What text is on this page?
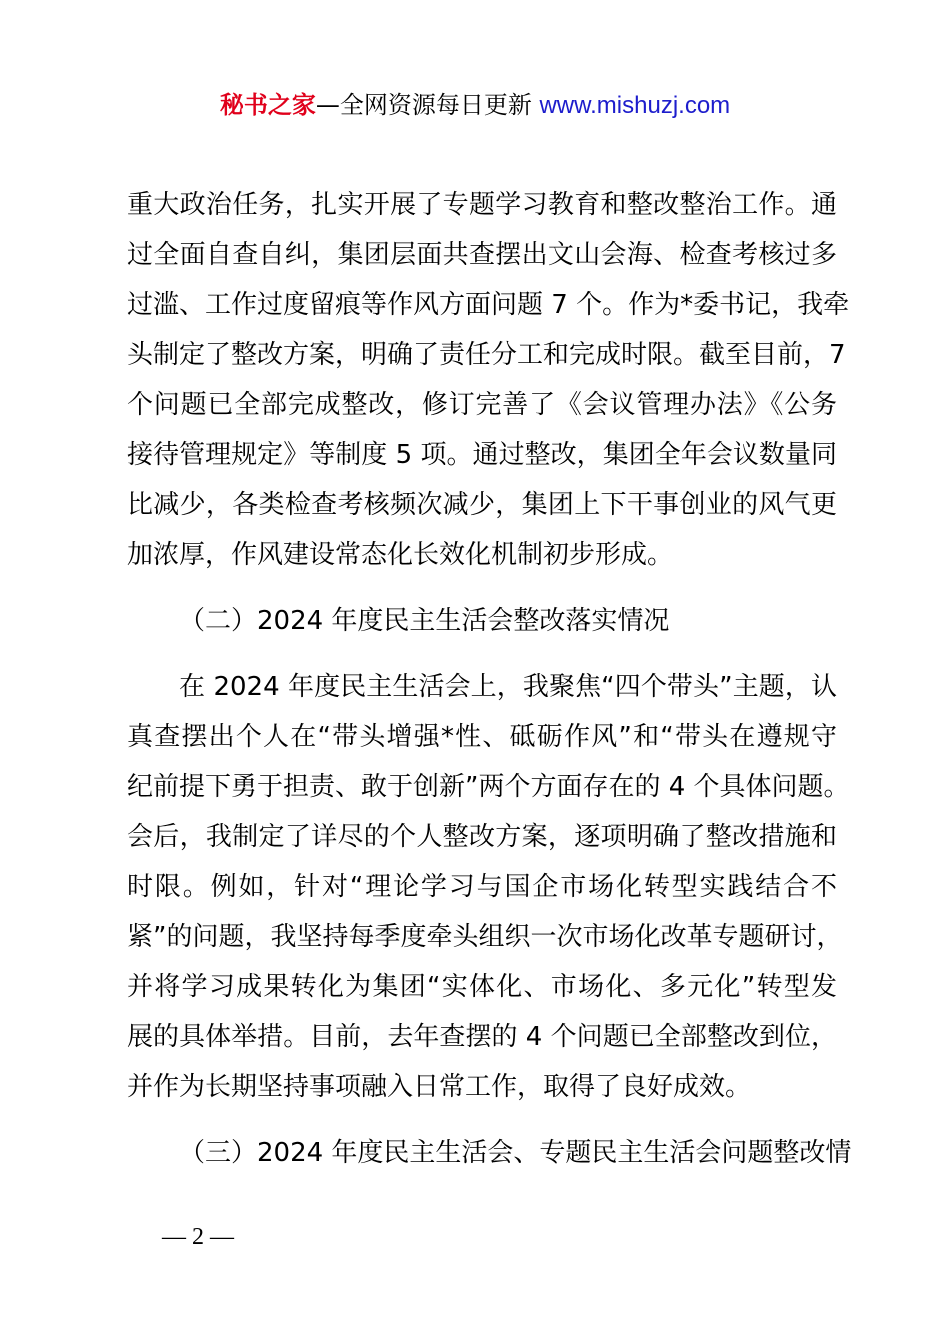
秘书之家—全网资源每日更新 www.mishuzj.com
重大政治任务，扎实开展了专题学习教育和整改整治工作。通
过全面自查自纠，集团层面共查摆出文山会海、检查考核过多
过滥、工作过度留痕等作风方面问题 7 个。作为*委书记，我牵
头制定了整改方案，明确了责任分工和完成时限。截至目前，7
个问题已全部完成整改，修订完善了《会议管理办法》《公务
接待管理规定》等制度 5 项。通过整改，集团全年会议数量同
比减少，各类检查考核频次减少，集团上下干事创业的风气更
加浓厚，作风建设常态化长效化机制初步形成。
（二）2024 年度民主生活会整改落实情况
在 2024 年度民主生活会上，我聚焦“四个带头”主题，认
真查摆出个人在“带头增强*性、砥砺作风”和“带头在遵规守
纪前提下勇于担责、敢于创新”两个方面存在的 4 个具体问题。
会后，我制定了详尽的个人整改方案，逐项明确了整改措施和
时限。例如，针对“理论学习与国企市场化转型实践结合不
紧”的问题，我坚持每季度牵头组织一次市场化改革专题研讨，
并将学习成果转化为集团“实体化、市场化、多元化”转型发
展的具体举措。目前，去年查摆的 4 个问题已全部整改到位，
并作为长期坚持事项融入日常工作，取得了良好成效。
（三）2024 年度民主生活会、专题民主生活会问题整改情
— 2 —
